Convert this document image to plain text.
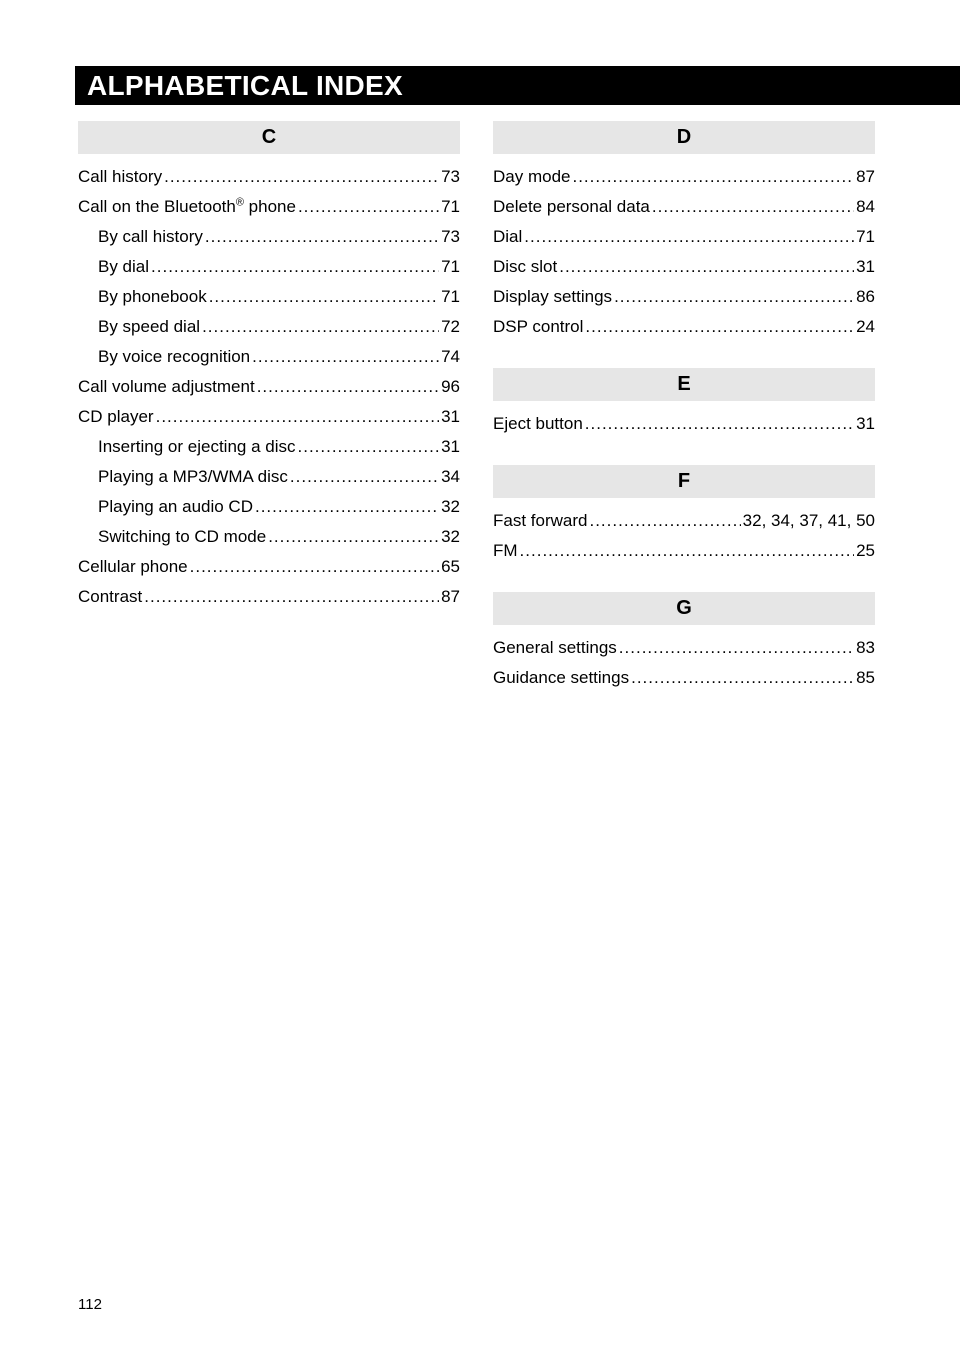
ALPHABETICAL INDEX
C
Call history .....	73
Call on the Bluetooth® phone .....	71
By call history .....	73
By dial .....	71
By phonebook .....	71
By speed dial .....	72
By voice recognition .....	74
Call volume adjustment .....	96
CD player .....	31
Inserting or ejecting a disc .....	31
Playing a MP3/WMA disc .....	34
Playing an audio CD .....	32
Switching to CD mode .....	32
Cellular phone .....	65
Contrast .....	87
D
Day mode .....	87
Delete personal data .....	84
Dial .....	71
Disc slot .....	31
Display settings .....	86
DSP control .....	24
E
Eject button .....	31
F
Fast forward .....	32, 34, 37, 41, 50
FM .....	25
G
General settings .....	83
Guidance settings .....	85
112
